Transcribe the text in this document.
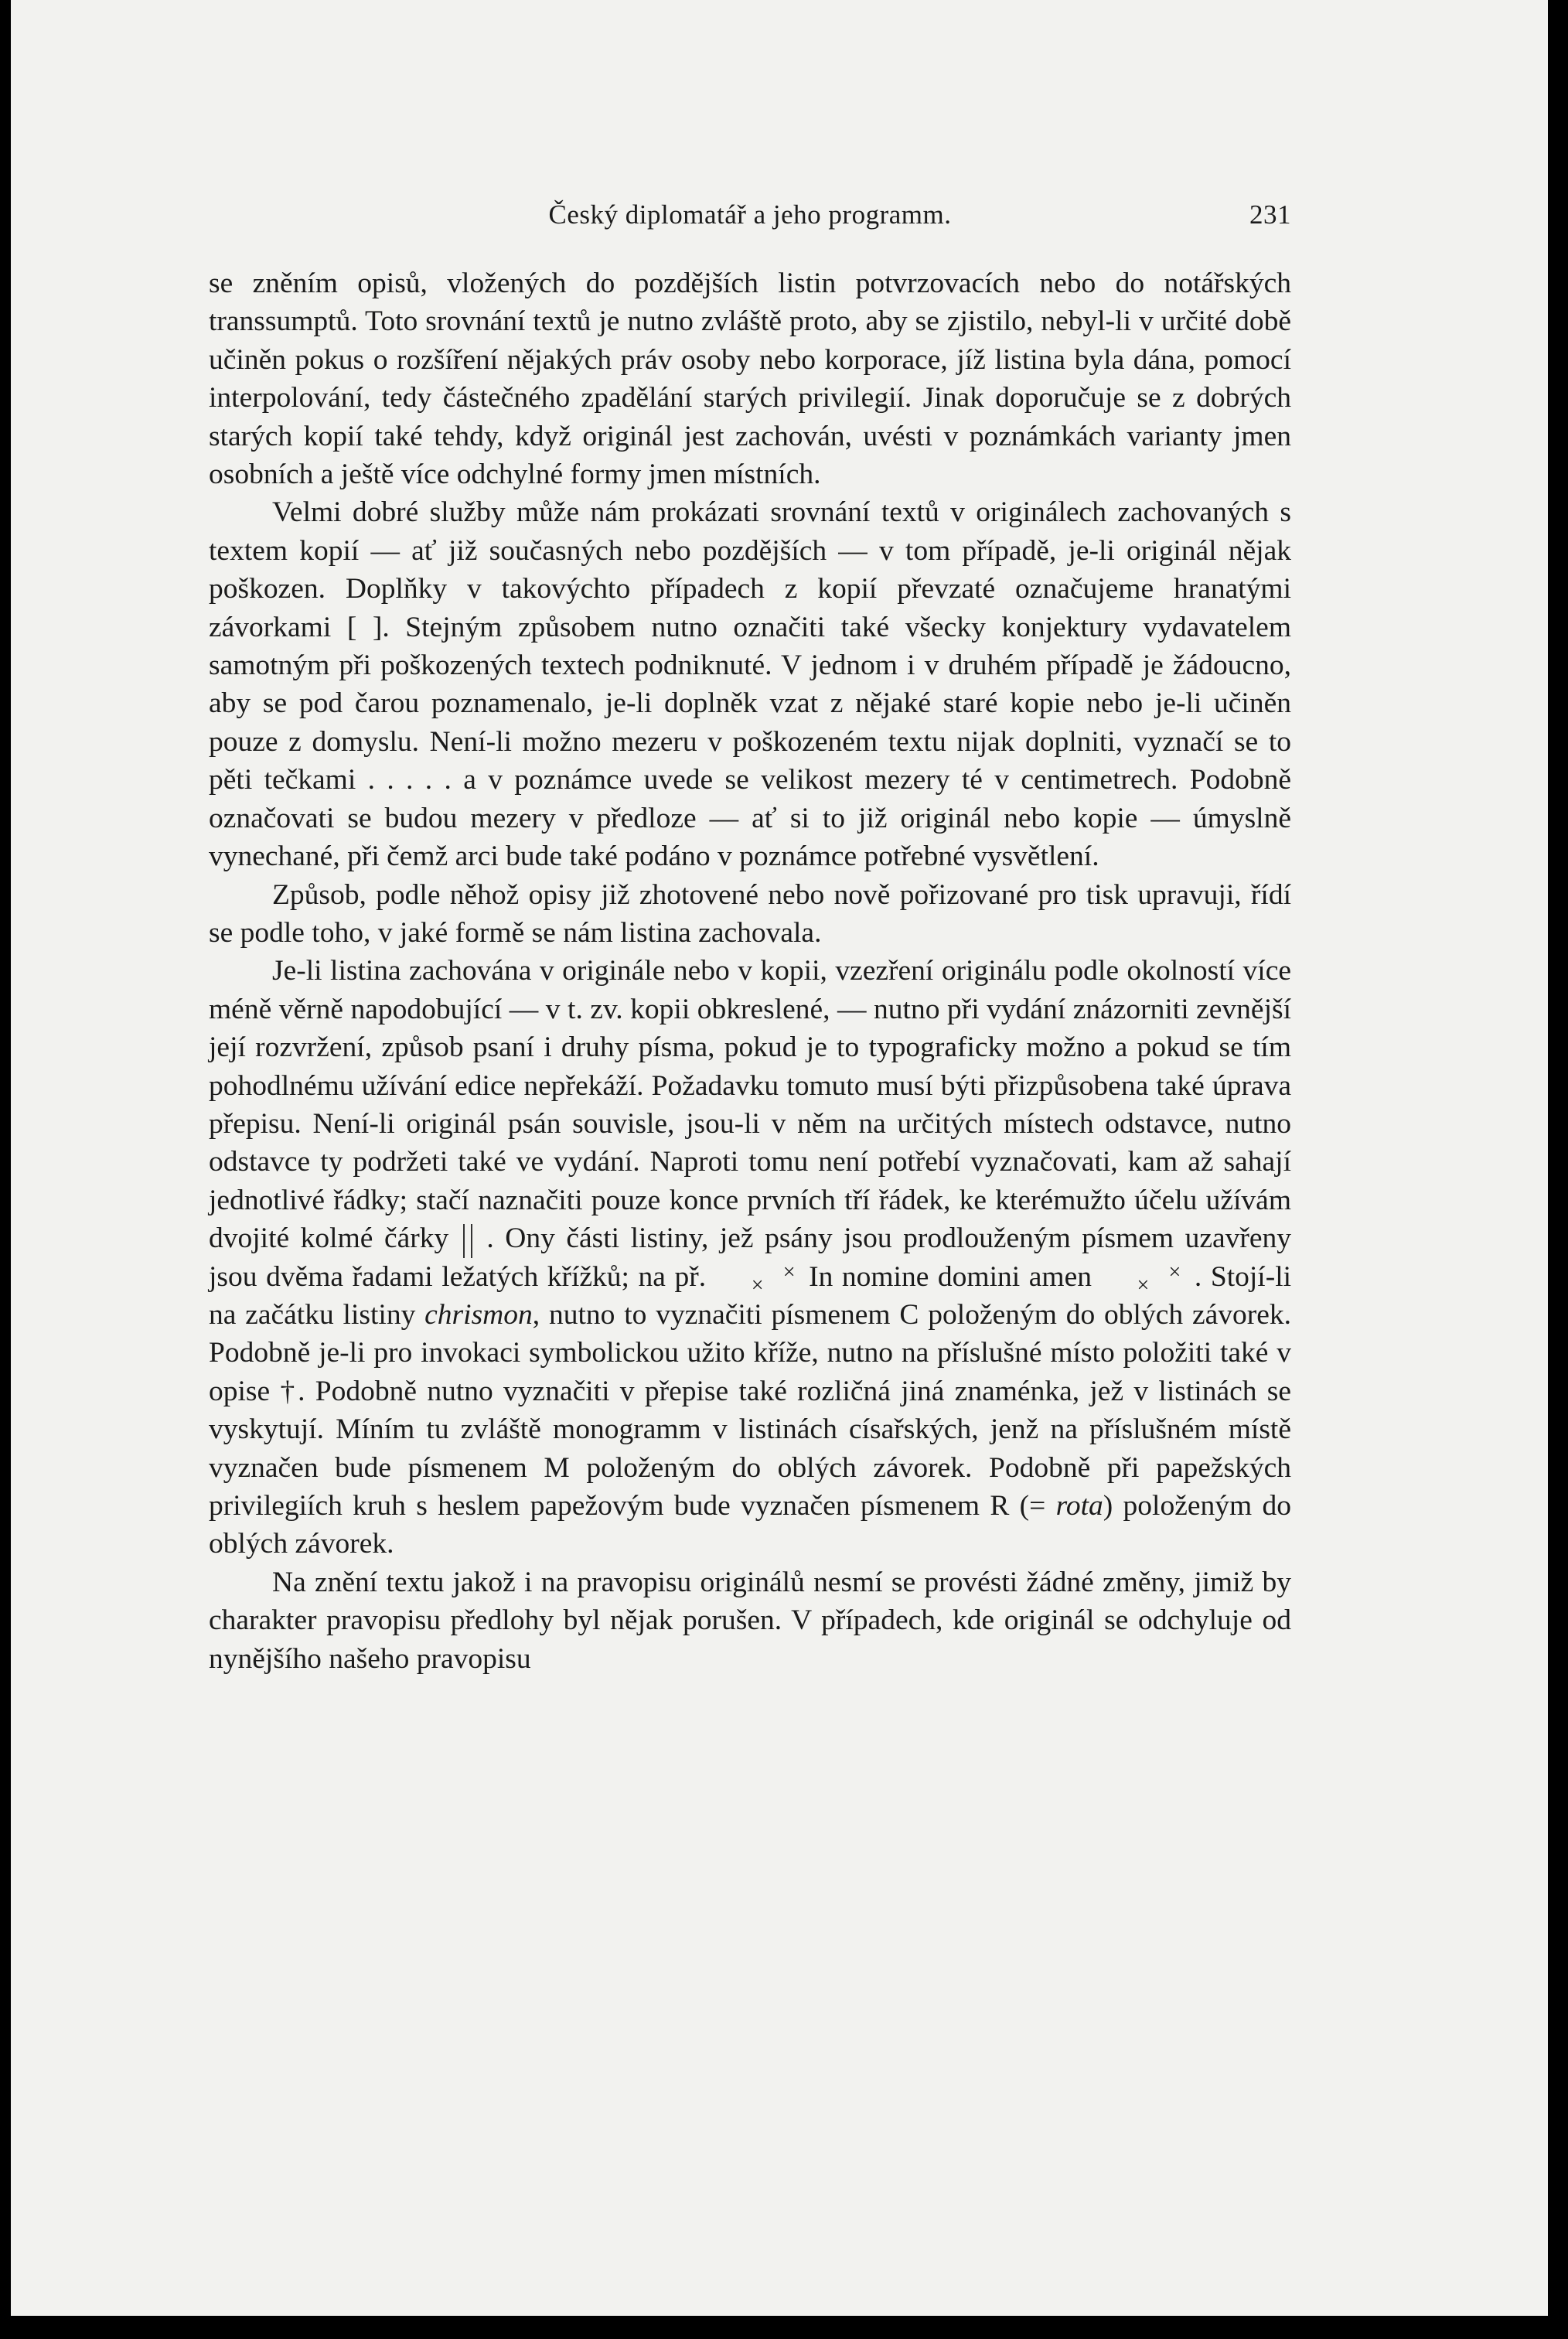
Český diplomatář a jeho programm.	231

se zněním opisů, vložených do pozdějších listin potvrzovacích nebo do notářských transsumptů. Toto srovnání textů je nutno zvláště proto, aby se zjistilo, nebyl-li v určité době učiněn pokus o rozšíření nějakých práv osoby nebo korporace, jíž listina byla dána, pomocí interpolování, tedy částečného zpadělání starých privilegií. Jinak doporučuje se z dobrých starých kopií také tehdy, když originál jest zachován, uvésti v poznámkách varianty jmen osobních a ještě více odchylné formy jmen místních.

Velmi dobré služby může nám prokázati srovnání textů v originálech zachovaných s textem kopií — ať již současných nebo pozdějších — v tom případě, je-li originál nějak poškozen. Doplňky v takovýchto případech z kopií převzaté označujeme hranatými závorkami [ ]. Stejným způsobem nutno označiti také všecky konjektury vydavatelem samotným při poškozených textech podniknuté. V jednom i v druhém případě je žádoucno, aby se pod čarou poznamenalo, je-li doplněk vzat z nějaké staré kopie nebo je-li učiněn pouze z domyslu. Není-li možno mezeru v poškozeném textu nijak doplniti, vyznačí se to pěti tečkami . . . . . a v poznámce uvede se velikost mezery té v centimetrech. Podobně označovati se budou mezery v předloze — ať si to již originál nebo kopie — úmyslně vynechané, při čemž arci bude také podáno v poznámce potřebné vysvětlení.

Způsob, podle něhož opisy již zhotovené nebo nově pořizované pro tisk upravuji, řídí se podle toho, v jaké formě se nám listina zachovala.

Je-li listina zachována v originále nebo v kopii, vzezření originálu podle okolností více méně věrně napodobující — v t. zv. kopii obkreslené, — nutno při vydání znázorniti zevnější její rozvržení, způsob psaní i druhy písma, pokud je to typograficky možno a pokud se tím pohodlnému užívání edice nepřekáží. Požadavku tomuto musí býti přizpůsobena také úprava přepisu. Není-li originál psán souvisle, jsou-li v něm na určitých místech odstavce, nutno odstavce ty podržeti také ve vydání. Naproti tomu není potřebí vyznačovati, kam až sahají jednotlivé řádky; stačí naznačiti pouze konce prvních tří řádek, ke kterémužto účelu užívám dvojité kolmé čárky . Ony části listiny, jež psány jsou prodlouženým písmem uzavřeny jsou dvěma řadami ležatých křížků; na př.	×
× In nomine domini amen	×
× . Stojí-li na začátku listiny chrismon, nutno to vyznačiti písmenem C položeným do oblých závorek. Podobně je-li pro invokaci symbolickou užito kříže, nutno na příslušné místo položiti také v opise †. Podobně nutno vyznačiti v přepise také rozličná jiná znaménka, jež v listinách se vyskytují. Míním tu zvláště monogramm v listinách císařských, jenž na příslušném místě vyznačen bude písmenem M položeným do oblých závorek. Podobně při papežských privilegiích kruh s heslem papežovým bude vyznačen písmenem R (= rota) položeným do oblých závorek.

Na znění textu jakož i na pravopisu originálů nesmí se provésti žádné změny, jimiž by charakter pravopisu předlohy byl nějak porušen. V případech, kde originál se odchyluje od nynějšího našeho pravopisu
